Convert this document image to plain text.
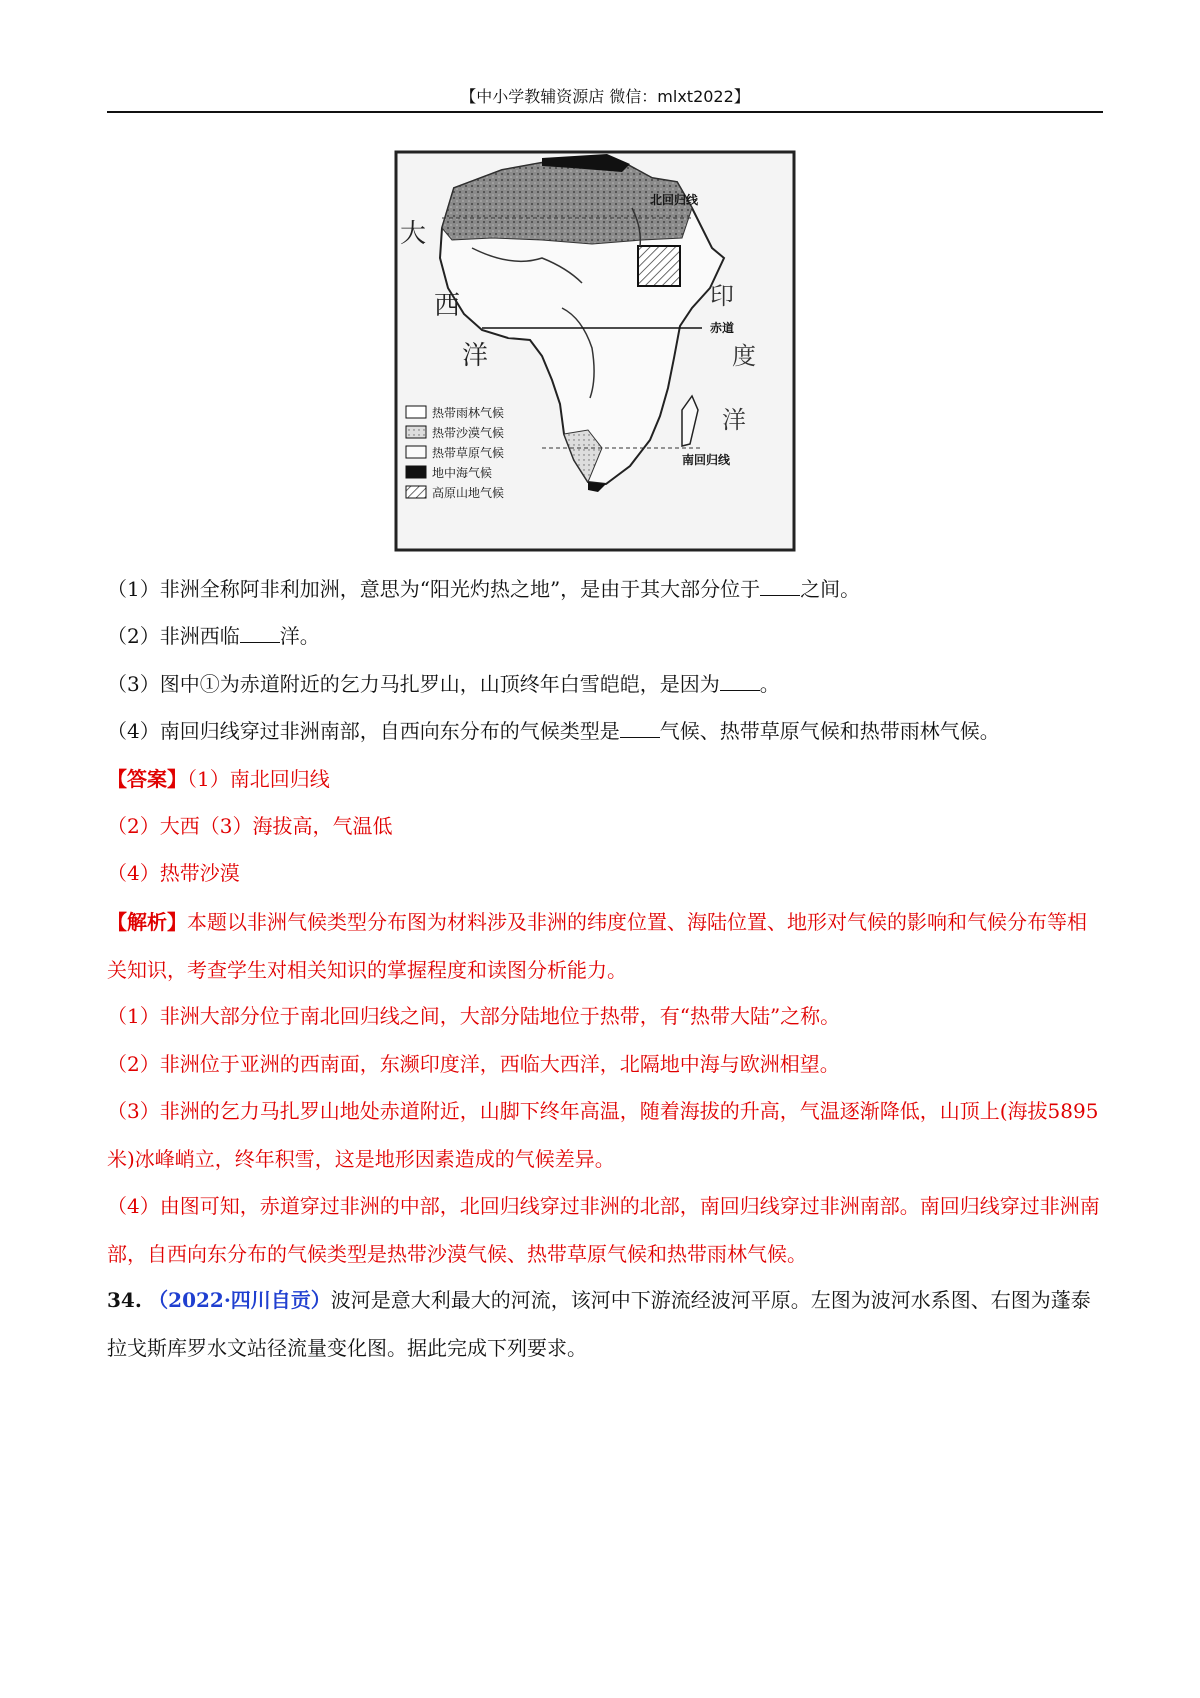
【中小学教辅资源店 微信：mlxt2022】
北回归线
赤道
南回归线
大
西
洋
印
度
洋
热带雨林气候
热带沙漠气候
热带草原气候
地中海气候
高原山地气候
（1）非洲全称阿非利加洲，意思为“阳光灼热之地”，是由于其大部分位于 之间。
（2）非洲西临 洋。
（3）图中①为赤道附近的乞力马扎罗山，山顶终年白雪皑皑，是因为 。
（4）南回归线穿过非洲南部，自西向东分布的气候类型是 气候、热带草原气候和热带雨林气候。
【答案】（1）南北回归线
（2）大西（3）海拔高，气温低
（4）热带沙漠
【解析】本题以非洲气候类型分布图为材料涉及非洲的纬度位置、海陆位置、地形对气候的影响和气候分布等相关知识，考查学生对相关知识的掌握程度和读图分析能力。
（1）非洲大部分位于南北回归线之间，大部分陆地位于热带，有“热带大陆”之称。
（2）非洲位于亚洲的西南面，东濒印度洋，西临大西洋，北隔地中海与欧洲相望。
（3）非洲的乞力马扎罗山地处赤道附近，山脚下终年高温，随着海拔的升高，气温逐渐降低，山顶上(海拔5895米)冰峰峭立，终年积雪，这是地形因素造成的气候差异。
（4）由图可知，赤道穿过非洲的中部，北回归线穿过非洲的北部，南回归线穿过非洲南部。南回归线穿过非洲南部，自西向东分布的气候类型是热带沙漠气候、热带草原气候和热带雨林气候。
34. （2022·四川自贡）波河是意大利最大的河流，该河中下游流经波河平原。左图为波河水系图、右图为蓬泰拉戈斯库罗水文站径流量变化图。据此完成下列要求。
